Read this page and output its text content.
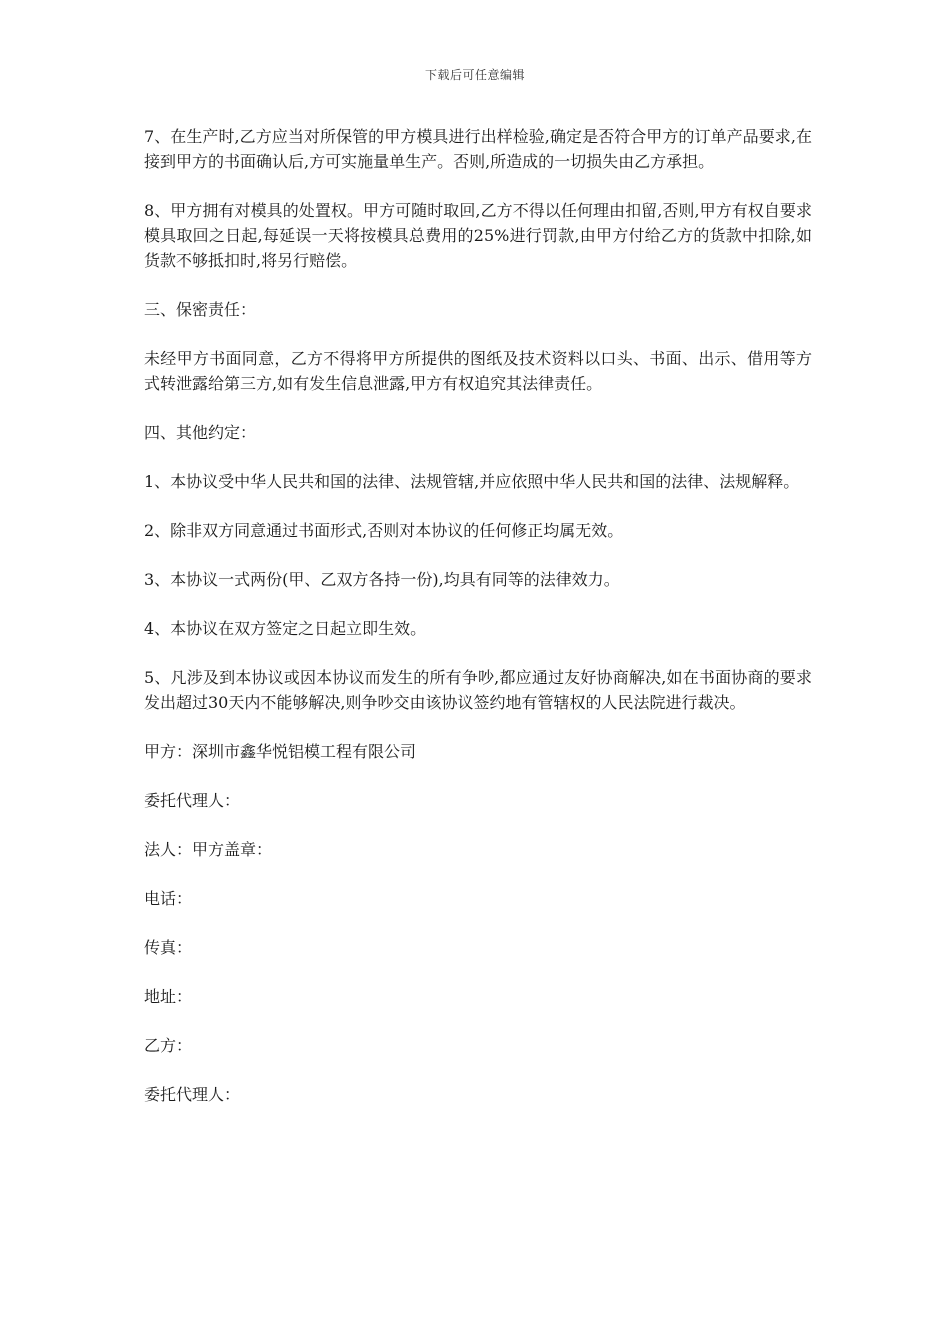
下载后可任意编辑

7、在生产时,乙方应当对所保管的甲方模具进行出样检验,确定是否符合甲方的订单产品要求,在接到甲方的书面确认后,方可实施量单生产。否则,所造成的一切损失由乙方承担。

8、甲方拥有对模具的处置权。甲方可随时取回,乙方不得以任何理由扣留,否则,甲方有权自要求模具取回之日起,每延误一天将按模具总费用的25%进行罚款,由甲方付给乙方的货款中扣除,如货款不够抵扣时,将另行赔偿。

三、保密责任：

未经甲方书面同意，乙方不得将甲方所提供的图纸及技术资料以口头、书面、出示、借用等方式转泄露给第三方,如有发生信息泄露,甲方有权追究其法律责任。

四、其他约定：

1、本协议受中华人民共和国的法律、法规管辖,并应依照中华人民共和国的法律、法规解释。

2、除非双方同意通过书面形式,否则对本协议的任何修正均属无效。

3、本协议一式两份(甲、乙双方各持一份),均具有同等的法律效力。

4、本协议在双方签定之日起立即生效。

5、凡涉及到本协议或因本协议而发生的所有争吵,都应通过友好协商解决,如在书面协商的要求发出超过30天内不能够解决,则争吵交由该协议签约地有管辖权的人民法院进行裁决。

甲方：深圳市鑫华悦铝模工程有限公司

委托代理人：

法人：甲方盖章：

电话：

传真：

地址：

乙方：

委托代理人：
